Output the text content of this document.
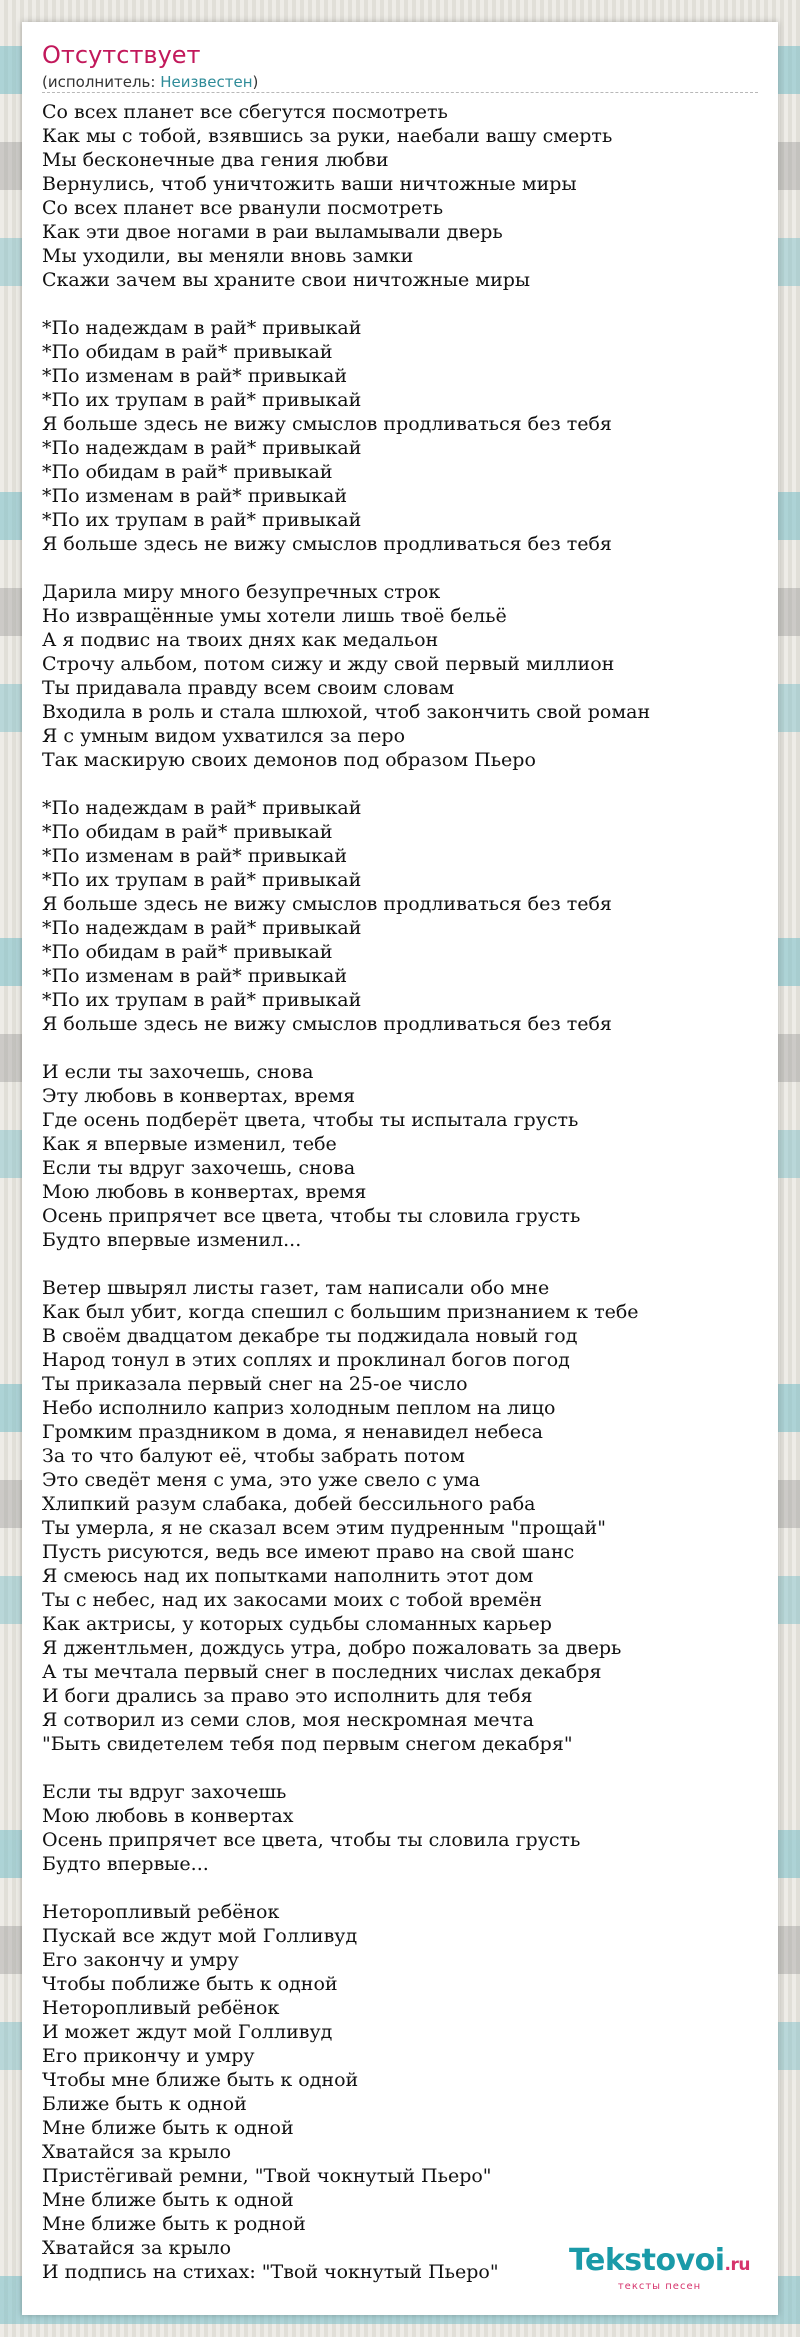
Отсутствует
(исполнитель: Неизвестен)
Со всех планет все сбегутся посмотреть
Как мы с тобой, взявшись за руки, наебали вашу смерть
Мы бесконечные два гения любви
Вернулись, чтоб уничтожить ваши ничтожные миры
Со всех планет все рванули посмотреть
Как эти двое ногами в раи выламывали дверь
Мы уходили, вы меняли вновь замки
Скажи зачем вы храните свои ничтожные миры
*По надеждам в рай* привыкай
*По обидам в рай* привыкай
*По изменам в рай* привыкай
*По их трупам в рай* привыкай
Я больше здесь не вижу смыслов продливаться без тебя
*По надеждам в рай* привыкай
*По обидам в рай* привыкай
*По изменам в рай* привыкай
*По их трупам в рай* привыкай
Я больше здесь не вижу смыслов продливаться без тебя
Дарила миру много безупречных строк
Но извращённые умы хотели лишь твоё бельё
А я подвис на твоих днях как медальон
Строчу альбом, потом сижу и жду свой первый миллион
Ты придавала правду всем своим словам
Входила в роль и стала шлюхой, чтоб закончить свой роман
Я с умным видом ухватился за перо
Так маскирую своих демонов под образом Пьеро
*По надеждам в рай* привыкай
*По обидам в рай* привыкай
*По изменам в рай* привыкай
*По их трупам в рай* привыкай
Я больше здесь не вижу смыслов продливаться без тебя
*По надеждам в рай* привыкай
*По обидам в рай* привыкай
*По изменам в рай* привыкай
*По их трупам в рай* привыкай
Я больше здесь не вижу смыслов продливаться без тебя
И если ты захочешь, снова
Эту любовь в конвертах, время
Где осень подберёт цвета, чтобы ты испытала грусть
Как я впервые изменил, тебе
Если ты вдруг захочешь, снова
Мою любовь в конвертах, время
Осень припрячет все цвета, чтобы ты словила грусть
Будто впервые изменил...
Ветер швырял листы газет, там написали обо мне
Как был убит, когда спешил с большим признанием к тебе
В своём двадцатом декабре ты поджидала новый год
Народ тонул в этих соплях и проклинал богов погод
Ты приказала первый снег на 25-ое число
Небо исполнило каприз холодным пеплом на лицо
Громким праздником в дома, я ненавидел небеса
За то что балуют её, чтобы забрать потом
Это сведёт меня с ума, это уже свело с ума
Хлипкий разум слабака, добей бессильного раба
Ты умерла, я не сказал всем этим пудренным "прощай"
Пусть рисуются, ведь все имеют право на свой шанс
Я смеюсь над их попытками наполнить этот дом
Ты с небес, над их закосами моих с тобой времён
Как актрисы, у которых судьбы сломанных карьер
Я джентльмен, дождусь утра, добро пожаловать за дверь
А ты мечтала первый снег в последних числах декабря
И боги дрались за право это исполнить для тебя
Я сотворил из семи слов, моя нескромная мечта
"Быть свидетелем тебя под первым снегом декабря"
Если ты вдруг захочешь
Мою любовь в конвертах
Осень припрячет все цвета, чтобы ты словила грусть
Будто впервые...
Неторопливый ребёнок
Пускай все ждут мой Голливуд
Его закончу и умру
Чтобы поближе быть к одной
Неторопливый ребёнок
И может ждут мой Голливуд
Его прикончу и умру
Чтобы мне ближе быть к одной
Ближе быть к одной
Мне ближе быть к одной
Хватайся за крыло
Пристёгивай ремни, "Твой чокнутый Пьеро"
Мне ближе быть к одной
Мне ближе быть к родной
Хватайся за крыло
И подпись на стихах: "Твой чокнутый Пьеро"	Tekstovoi.ru
тексты песен
